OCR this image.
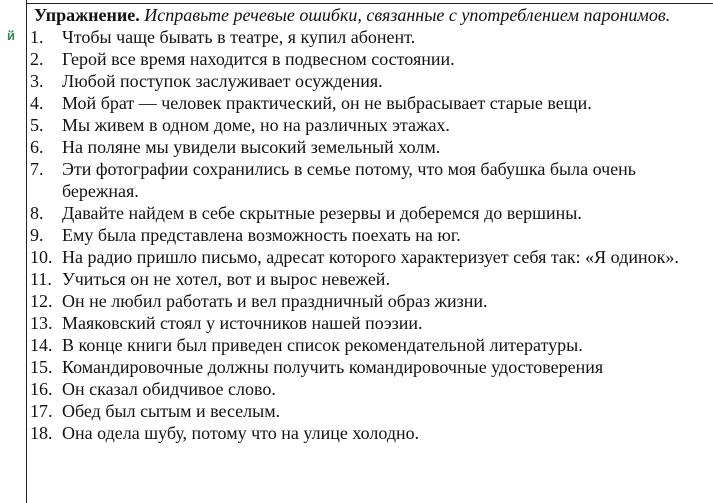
й

Упражнение. Исправьте речевые ошибки, связанные с употреблением паронимов.

1.	Чтобы чаще бывать в театре, я купил абонент.
2.	Герой все время находится в подвесном состоянии.
3.	Любой поступок заслуживает осуждения.
4.	Мой брат — человек практический, он не выбрасывает старые вещи.
5.	Мы живем в одном доме, но на различных этажах.
6.	На поляне мы увидели высокий земельный холм.
7.	Эти фотографии сохранились в семье потому, что моя бабушка была очень бережная.
8.	Давайте найдем в себе скрытные резервы и доберемся до вершины.
9.	Ему была представлена возможность поехать на юг.
10. На радио пришло письмо, адресат которого характеризует себя так: «Я одинок».
11. Учиться он не хотел, вот и вырос невежей.
12. Он не любил работать и вел праздничный образ жизни.
13. Маяковский стоял у источников нашей поэзии.
14. В конце книги был приведен список рекомендательной литературы.
15. Командировочные должны получить командировочные удостоверения
16. Он сказал обидчивое слово.
17. Обед был сытым и веселым.
18. Она одела шубу, потому что на улице холодно.
